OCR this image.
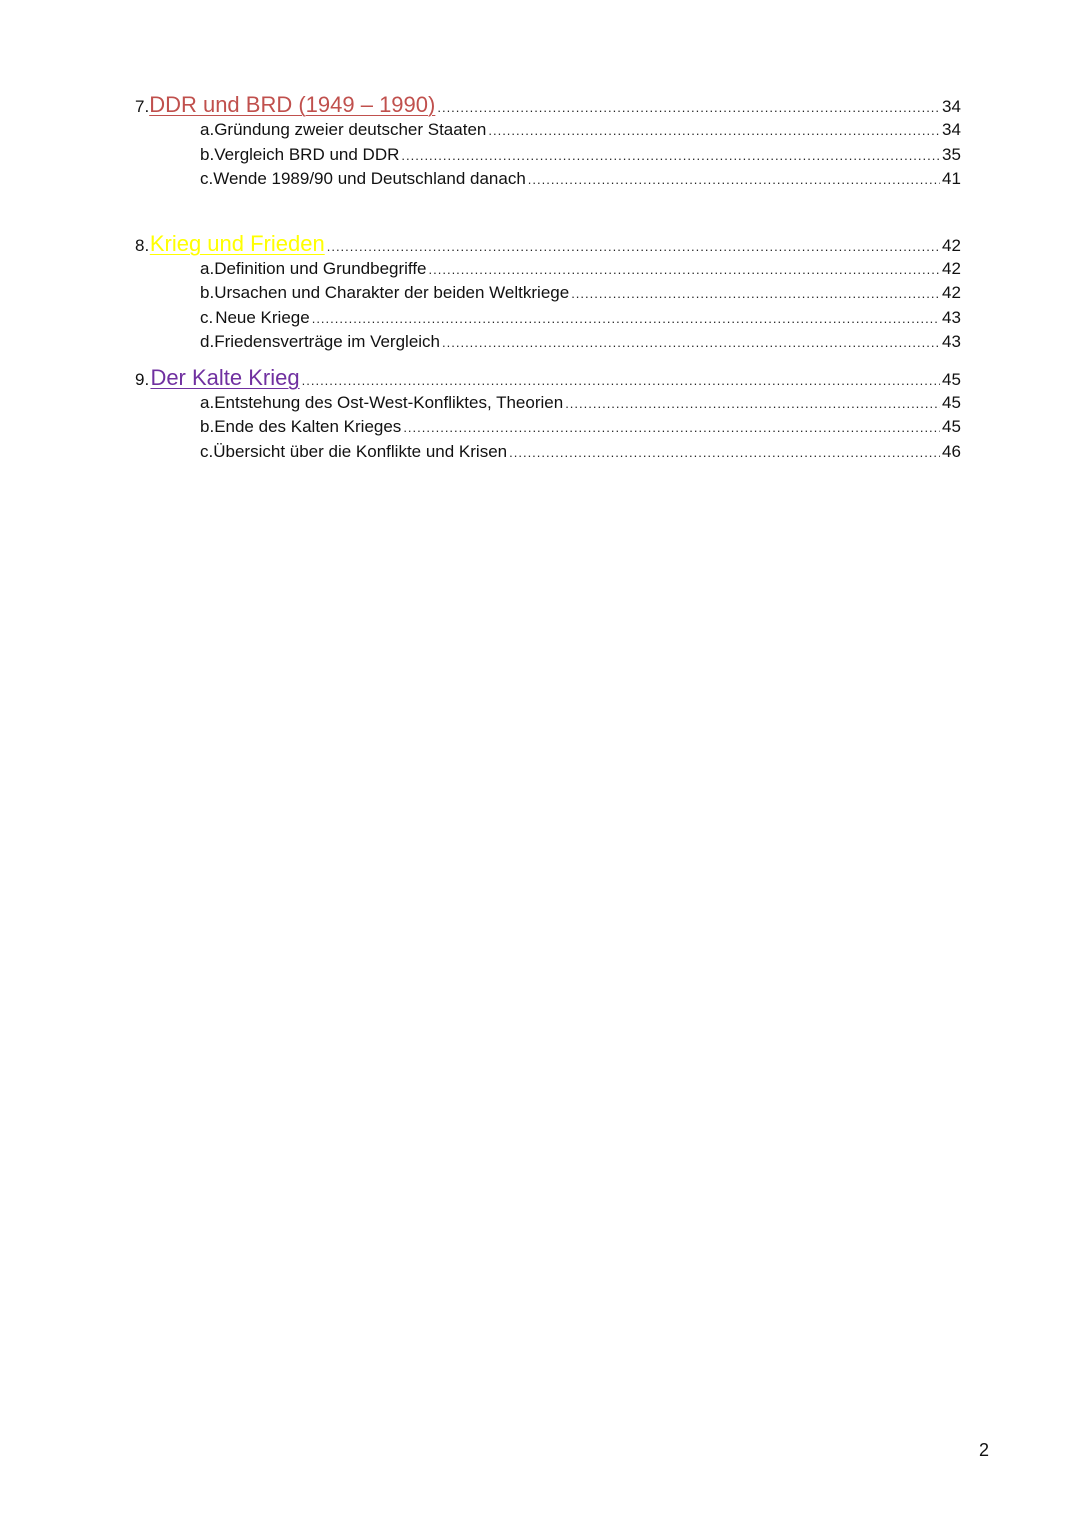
7. DDR und BRD (1949 – 1990) .....	34
a. Gründung zweier deutscher Staaten .....	34
b. Vergleich BRD und DDR .....	35
c. Wende 1989/90 und Deutschland danach .....	41
8. Krieg und Frieden .....	42
a. Definition und Grundbegriffe .....	42
b. Ursachen und Charakter der beiden Weltkriege .....	42
c. Neue Kriege .....	43
d. Friedensverträge im Vergleich .....	43
9. Der Kalte Krieg .....	45
a. Entstehung des Ost-West-Konfliktes, Theorien .....	45
b. Ende des Kalten Krieges .....	45
c. Übersicht über die Konflikte und Krisen .....	46
2
